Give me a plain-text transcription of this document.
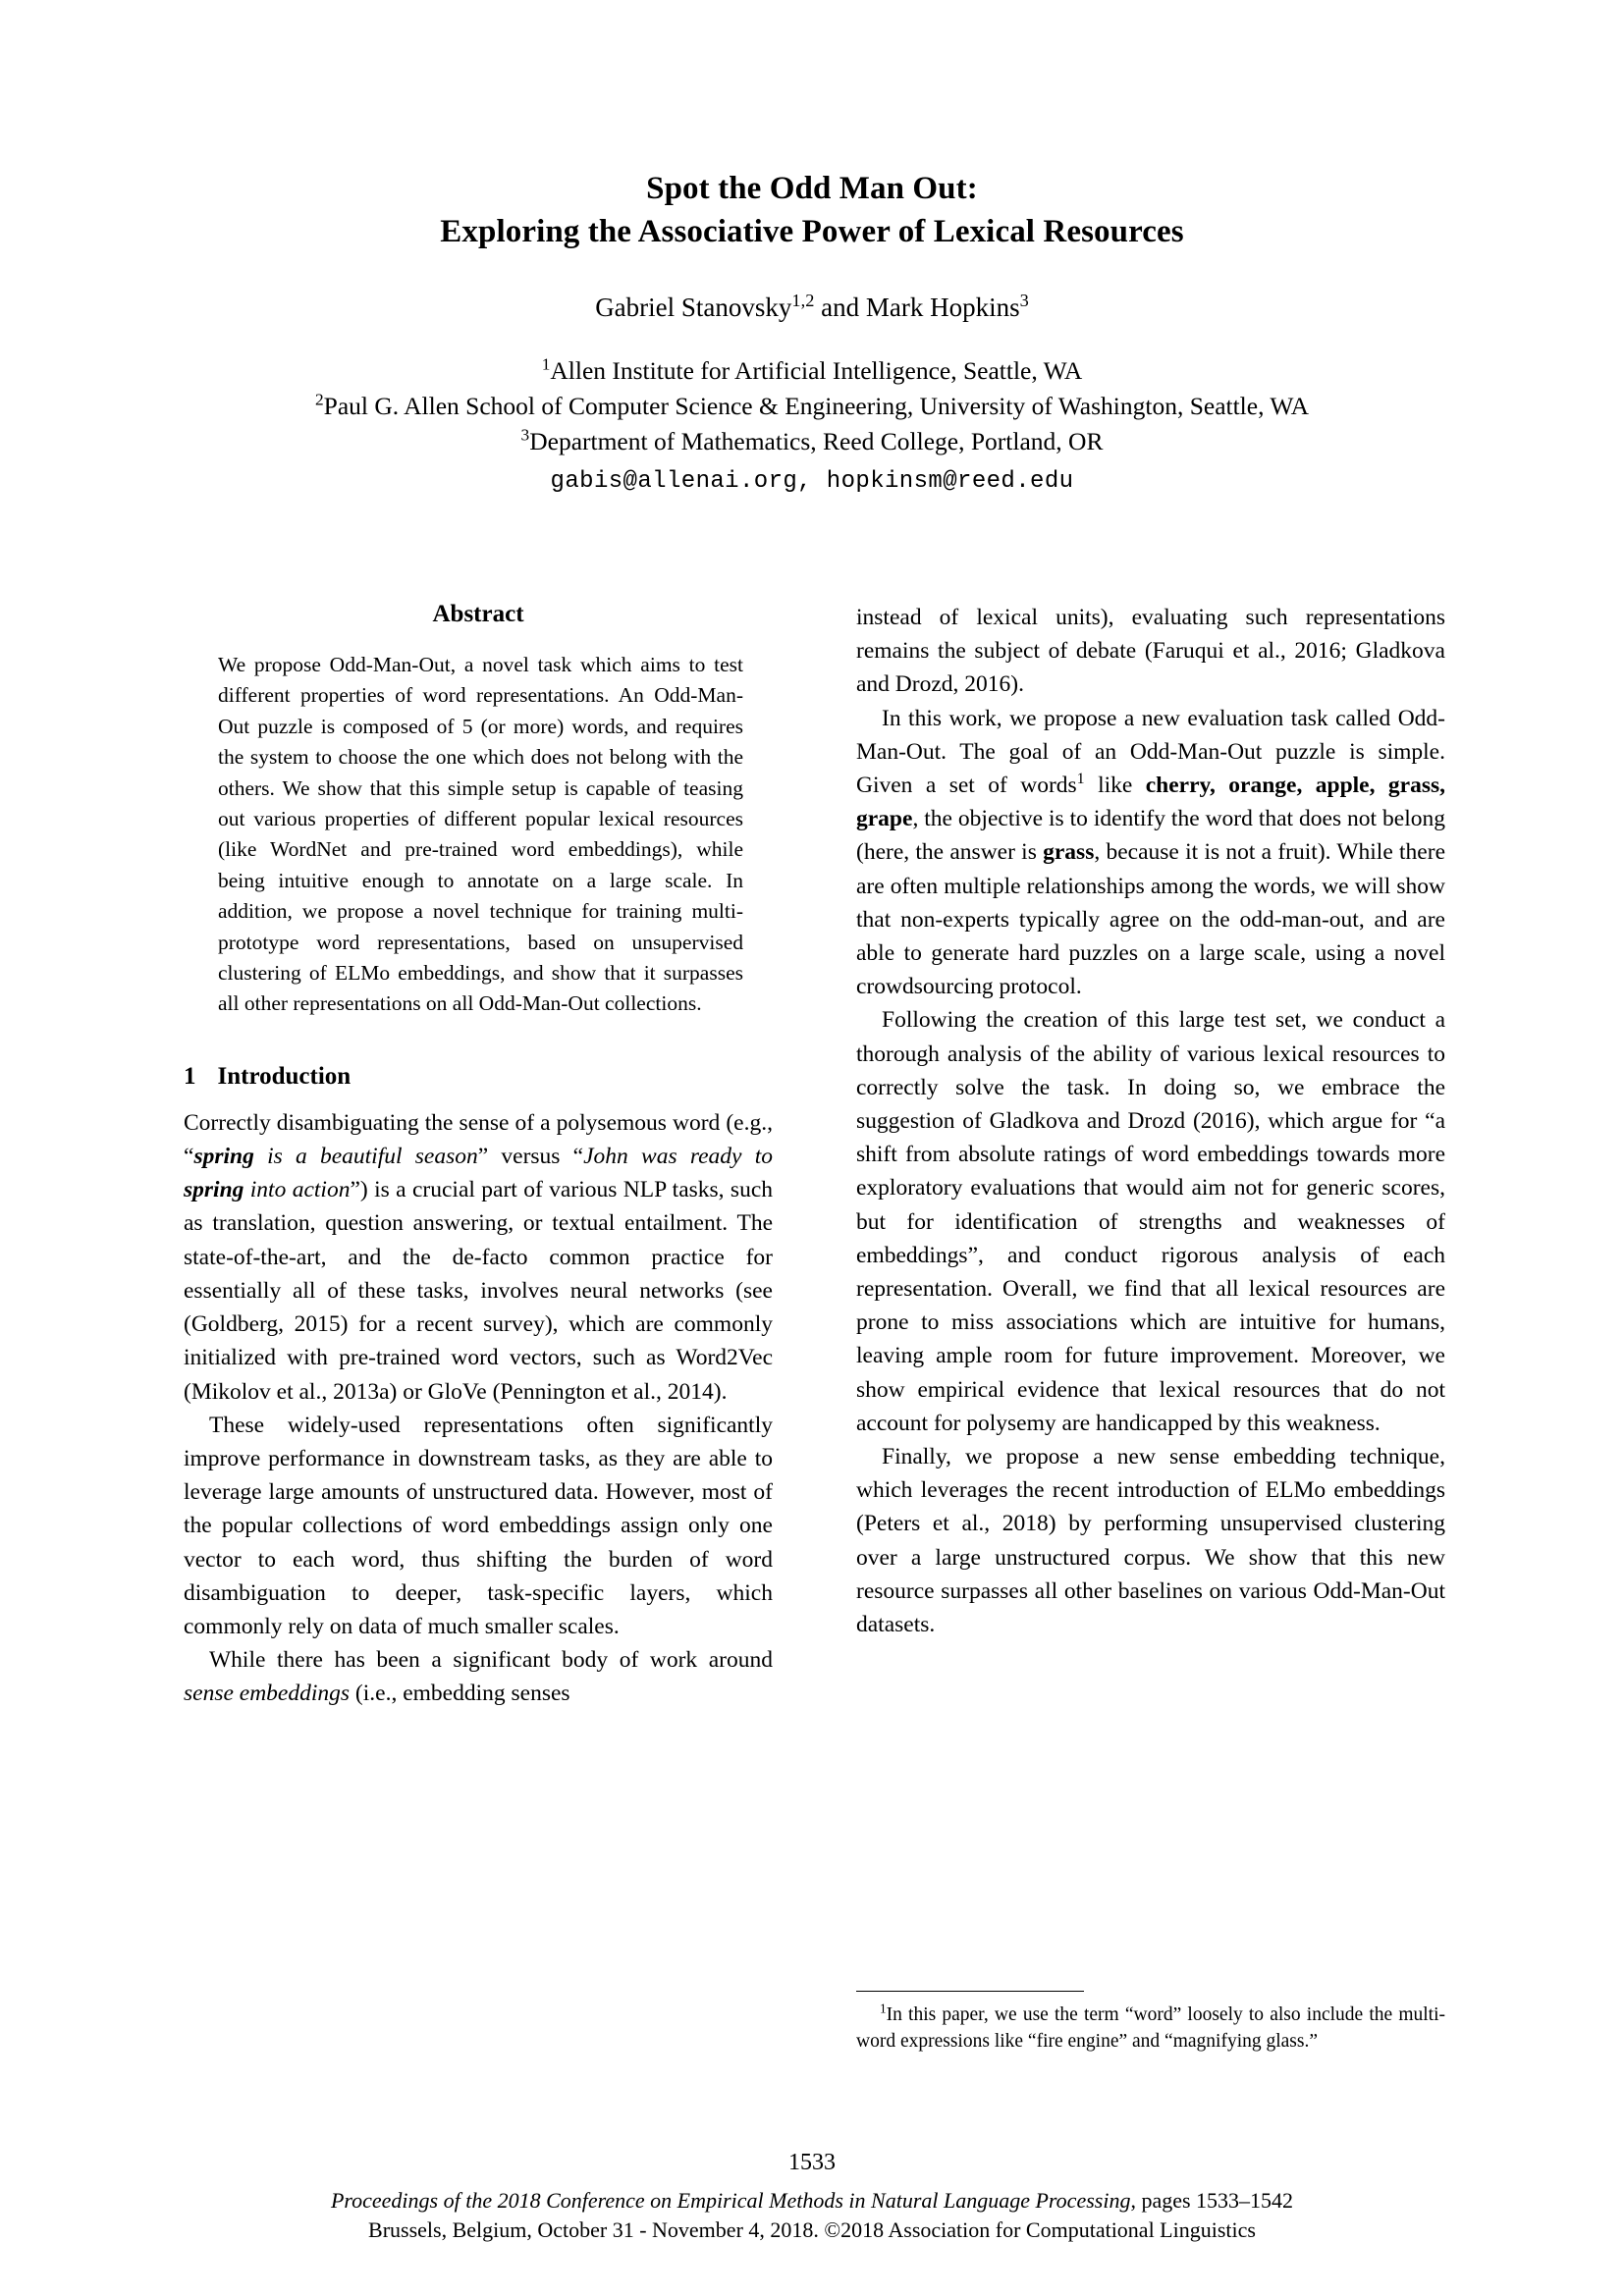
Spot the Odd Man Out:
Exploring the Associative Power of Lexical Resources
Gabriel Stanovsky$^{1,2}$ and Mark Hopkins$^3$
$^1$Allen Institute for Artificial Intelligence, Seattle, WA
$^2$Paul G. Allen School of Computer Science & Engineering, University of Washington, Seattle, WA
$^3$Department of Mathematics, Reed College, Portland, OR
gabis@allenai.org, hopkinsm@reed.edu
Abstract
We propose Odd-Man-Out, a novel task which aims to test different properties of word representations. An Odd-Man-Out puzzle is composed of 5 (or more) words, and requires the system to choose the one which does not belong with the others. We show that this simple setup is capable of teasing out various properties of different popular lexical resources (like WordNet and pre-trained word embeddings), while being intuitive enough to annotate on a large scale. In addition, we propose a novel technique for training multi-prototype word representations, based on unsupervised clustering of ELMo embeddings, and show that it surpasses all other representations on all Odd-Man-Out collections.
1 Introduction

Correctly disambiguating the sense of a polysemous word (e.g., “spring is a beautiful season” versus “John was ready to spring into action”) is a crucial part of various NLP tasks, such as translation, question answering, or textual entailment. The state-of-the-art, and the de-facto common practice for essentially all of these tasks, involves neural networks (see (Goldberg, 2015) for a recent survey), which are commonly initialized with pre-trained word vectors, such as Word2Vec (Mikolov et al., 2013a) or GloVe (Pennington et al., 2014).

These widely-used representations often significantly improve performance in downstream tasks, as they are able to leverage large amounts of unstructured data. However, most of the popular collections of word embeddings assign only one vector to each word, thus shifting the burden of word disambiguation to deeper, task-specific layers, which commonly rely on data of much smaller scales.

While there has been a significant body of work around sense embeddings (i.e., embedding senses

instead of lexical units), evaluating such representations remains the subject of debate (Faruqui et al., 2016; Gladkova and Drozd, 2016).

In this work, we propose a new evaluation task called Odd-Man-Out. The goal of an Odd-Man-Out puzzle is simple. Given a set of words$^1$ like cherry, orange, apple, grass, grape, the objective is to identify the word that does not belong (here, the answer is grass, because it is not a fruit). While there are often multiple relationships among the words, we will show that non-experts typically agree on the odd-man-out, and are able to generate hard puzzles on a large scale, using a novel crowdsourcing protocol.

Following the creation of this large test set, we conduct a thorough analysis of the ability of various lexical resources to correctly solve the task. In doing so, we embrace the suggestion of Gladkova and Drozd (2016), which argue for “a shift from absolute ratings of word embeddings towards more exploratory evaluations that would aim not for generic scores, but for identification of strengths and weaknesses of embeddings”, and conduct rigorous analysis of each representation. Overall, we find that all lexical resources are prone to miss associations which are intuitive for humans, leaving ample room for future improvement. Moreover, we show empirical evidence that lexical resources that do not account for polysemy are handicapped by this weakness.

Finally, we propose a new sense embedding technique, which leverages the recent introduction of ELMo embeddings (Peters et al., 2018) by performing unsupervised clustering over a large unstructured corpus. We show that this new resource surpasses all other baselines on various Odd-Man-Out datasets.

$^1$In this paper, we use the term “word” loosely to also include the multi-word expressions like “fire engine” and “magnifying glass.”

1533
Proceedings of the 2018 Conference on Empirical Methods in Natural Language Processing, pages 1533–1542
Brussels, Belgium, October 31 - November 4, 2018. ©2018 Association for Computational Linguistics
